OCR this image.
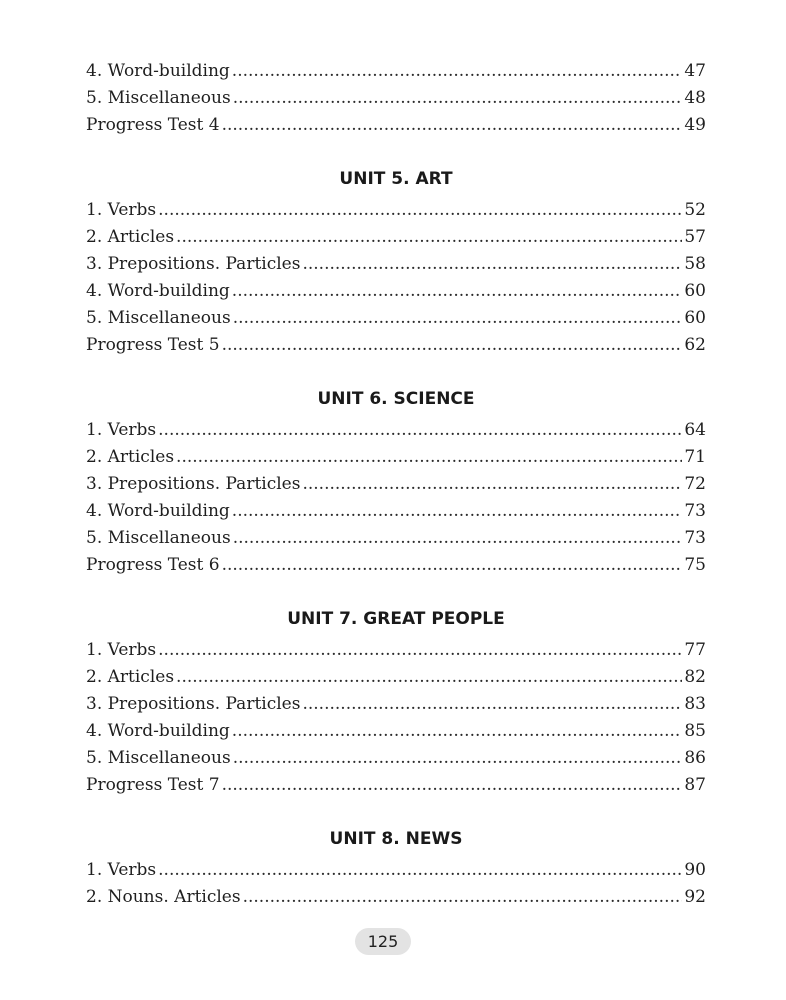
4. Word-building .....	47
5. Miscellaneous .....	48
Progress Test 4 .....	49
UNIT 5. ART
1. Verbs .....	52
2. Articles .....	57
3. Prepositions. Particles .....	58
4. Word-building .....	60
5. Miscellaneous .....	60
Progress Test 5 .....	62
UNIT 6. SCIENCE
1. Verbs .....	64
2. Articles .....	71
3. Prepositions. Particles .....	72
4. Word-building .....	73
5. Miscellaneous .....	73
Progress Test 6 .....	75
UNIT 7. GREAT PEOPLE
1. Verbs .....	77
2. Articles .....	82
3. Prepositions. Particles .....	83
4. Word-building .....	85
5. Miscellaneous .....	86
Progress Test 7 .....	87
UNIT 8. NEWS
1. Verbs .....	90
2. Nouns. Articles .....	92
125
